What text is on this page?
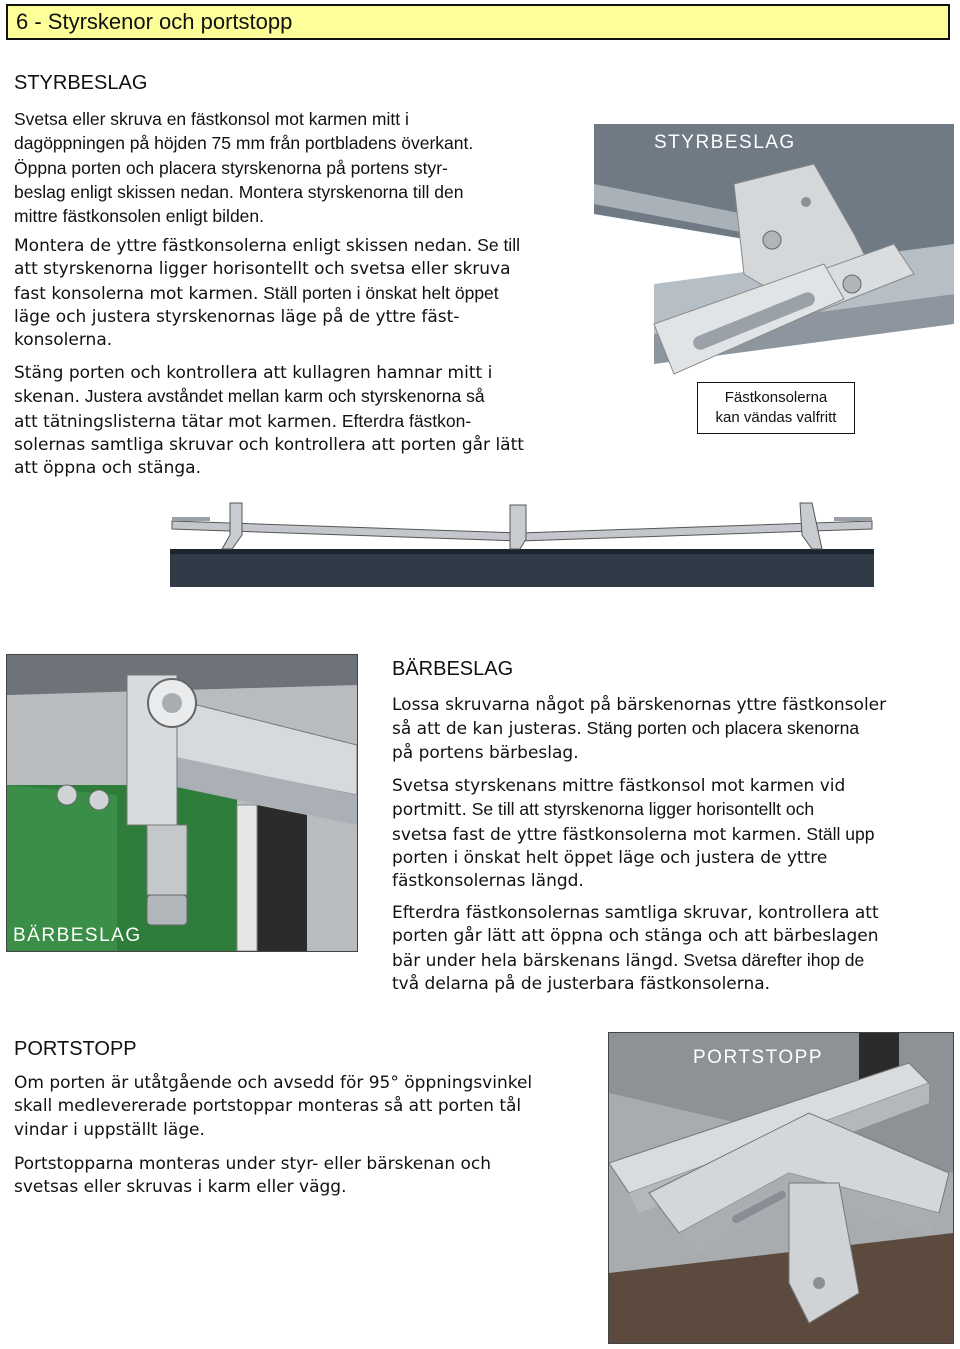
6 - Styrskenor och portstopp
STYRBESLAG

Svetsa eller skruva en fästkonsol mot karmen mitt i
dagöppningen på höjden 75 mm från portbladens överkant.
Öppna porten och placera styrskenorna på portens styr-
beslag enligt skissen nedan. Montera styrskenorna till den
mittre fästkonsolen enligt bilden.

Montera de yttre fästkonsolerna enligt skissen nedan. Se till
att styrskenorna ligger horisontellt och svetsa eller skruva
fast konsolerna mot karmen. Ställ porten i önskat helt öppet
läge och justera styrskenornas läge på de yttre fäst-
konsolerna.

Stäng porten och kontrollera att kullagren hamnar mitt i
skenan. Justera avståndet mellan karm och styrskenorna så
att tätningslisterna tätar mot karmen. Efterdra fästkon-
solernas samtliga skruvar och kontrollera att porten går lätt
att öppna och stänga.

STYRBESLAG
Fästkonsolerna
kan vändas valfritt
BÄRBESLAG
BÄRBESLAG

Lossa skruvarna något på bärskenornas yttre fästkonsoler
så att de kan justeras. Stäng porten och placera skenorna
på portens bärbeslag.

Svetsa styrskenans mittre fästkonsol mot karmen vid
portmitt. Se till att styrskenorna ligger horisontellt och
svetsa fast de yttre fästkonsolerna mot karmen. Ställ upp
porten i önskat helt öppet läge och justera de yttre
fästkonsolernas längd.

Efterdra fästkonsolernas samtliga skruvar, kontrollera att
porten går lätt att öppna och stänga och att bärbeslagen
bär under hela bärskenans längd. Svetsa därefter ihop de
två delarna på de justerbara fästkonsolerna.

PORTSTOPP

Om porten är utåtgående och avsedd för 95° öppningsvinkel
skall medlevererade portstoppar monteras så att porten tål
vindar i uppställt läge.

Portstopparna monteras under styr- eller bärskenan och
svetsas eller skruvas i karm eller vägg.

PORTSTOPP
